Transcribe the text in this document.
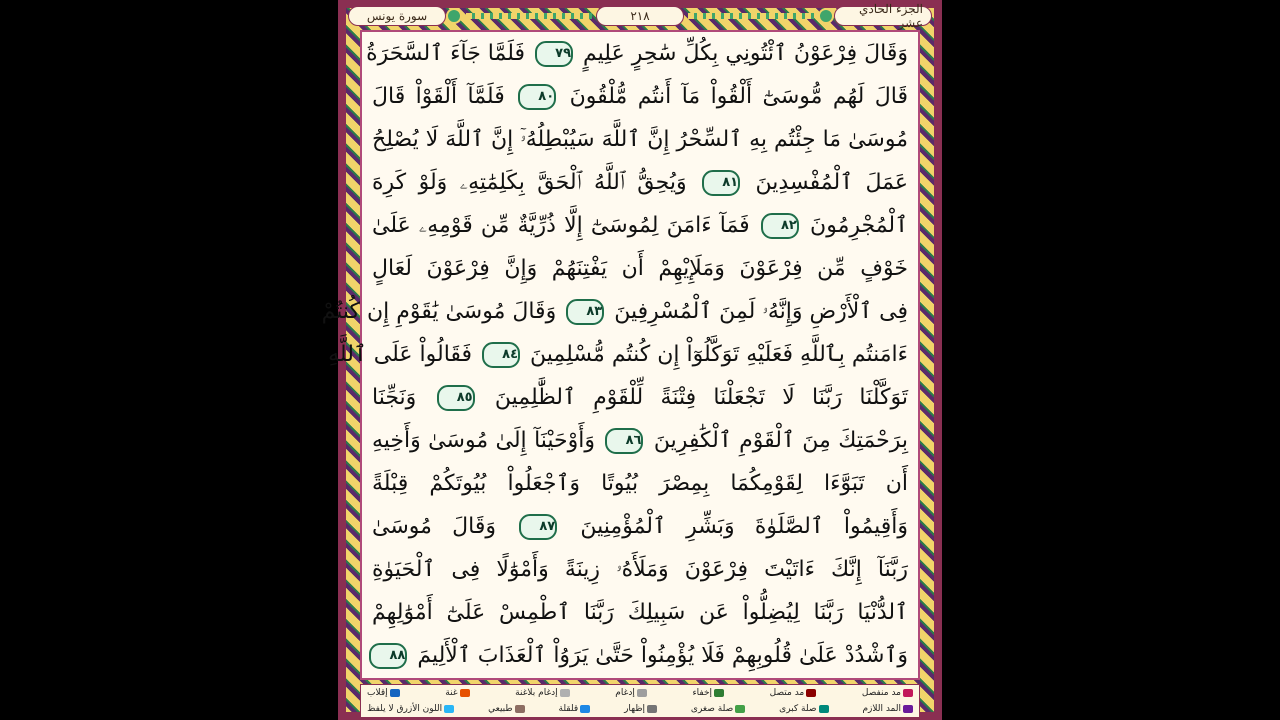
الجزء الحادي عشر
٢١٨
سورة يونس
وَقَالَ فِرْعَوْنُ ٱئْتُونِي بِكُلِّ سَٰحِرٍ عَلِيمٍ ٧٩ فَلَمَّا جَآءَ ٱلسَّحَرَةُ
قَالَ لَهُم مُّوسَىٰٓ أَلْقُواْ مَآ أَنتُم مُّلْقُونَ ٨٠ فَلَمَّآ أَلْقَوْاْ قَالَ
مُوسَىٰ مَا جِئْتُم بِهِ ٱلسِّحْرُ إِنَّ ٱللَّهَ سَيُبْطِلُهُۥٓ إِنَّ ٱللَّهَ لَا يُصْلِحُ
عَمَلَ ٱلْمُفْسِدِينَ ٨١ وَيُحِقُّ ٱللَّهُ ٱلْحَقَّ بِكَلِمَٰتِهِۦ وَلَوْ كَرِهَ
ٱلْمُجْرِمُونَ ٨٢ فَمَآ ءَامَنَ لِمُوسَىٰٓ إِلَّا ذُرِّيَّةٌ مِّن قَوْمِهِۦ عَلَىٰ
خَوْفٍ مِّن فِرْعَوْنَ وَمَلَإِيْهِمْ أَن يَفْتِنَهُمْ وَإِنَّ فِرْعَوْنَ لَعَالٍ
فِى ٱلْأَرْضِ وَإِنَّهُۥ لَمِنَ ٱلْمُسْرِفِينَ ٨٣ وَقَالَ مُوسَىٰ يَٰقَوْمِ إِن كُنتُمْ
ءَامَنتُم بِٱللَّهِ فَعَلَيْهِ تَوَكَّلُوٓاْ إِن كُنتُم مُّسْلِمِينَ ٨٤ فَقَالُواْ عَلَى ٱللَّهِ
تَوَكَّلْنَا رَبَّنَا لَا تَجْعَلْنَا فِتْنَةً لِّلْقَوْمِ ٱلظَّٰلِمِينَ ٨٥ وَنَجِّنَا
بِرَحْمَتِكَ مِنَ ٱلْقَوْمِ ٱلْكَٰفِرِينَ ٨٦ وَأَوْحَيْنَآ إِلَىٰ مُوسَىٰ وَأَخِيهِ
أَن تَبَوَّءَا لِقَوْمِكُمَا بِمِصْرَ بُيُوتًا وَٱجْعَلُواْ بُيُوتَكُمْ قِبْلَةً
وَأَقِيمُواْ ٱلصَّلَوٰةَ وَبَشِّرِ ٱلْمُؤْمِنِينَ ٨٧ وَقَالَ مُوسَىٰ
رَبَّنَآ إِنَّكَ ءَاتَيْتَ فِرْعَوْنَ وَمَلَأَهُۥ زِينَةً وَأَمْوَٰلًا فِى ٱلْحَيَوٰةِ
ٱلدُّنْيَا رَبَّنَا لِيُضِلُّواْ عَن سَبِيلِكَ رَبَّنَا ٱطْمِسْ عَلَىٰٓ أَمْوَٰلِهِمْ
وَٱشْدُدْ عَلَىٰ قُلُوبِهِمْ فَلَا يُؤْمِنُواْ حَتَّىٰ يَرَوُاْ ٱلْعَذَابَ ٱلْأَلِيمَ ٨٨
مد منفصل
مد متصل
إخفاء
إدغام
إدغام بلاغنة
غنة
إقلاب
المد اللازم
صلة كبرى
صلة صغرى
إظهار
قلقلة
طبيعي
اللون الأزرق لا يلفظ
